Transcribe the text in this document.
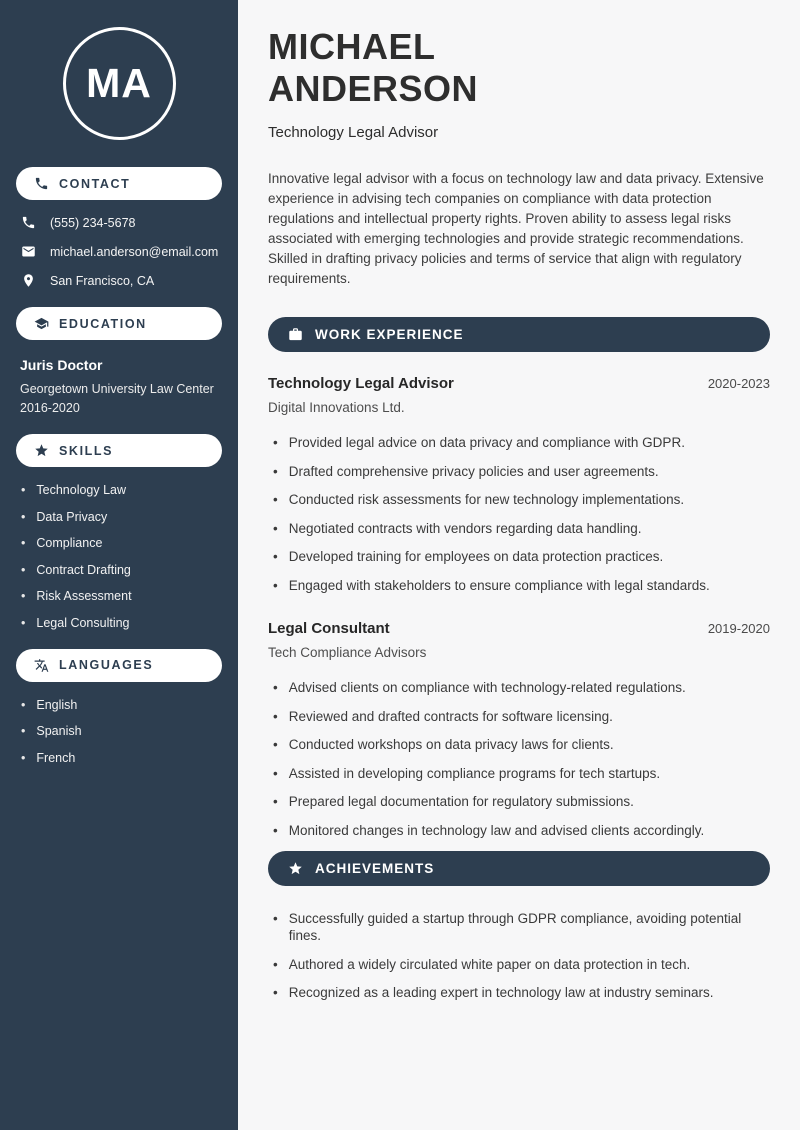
MA
CONTACT
(555) 234-5678
michael.anderson@email.com
San Francisco, CA
EDUCATION
Juris Doctor
Georgetown University Law Center
2016-2020
SKILLS
• Technology Law
• Data Privacy
• Compliance
• Contract Drafting
• Risk Assessment
• Legal Consulting
LANGUAGES
• English
• Spanish
• French
MICHAEL
ANDERSON
Technology Legal Advisor

Innovative legal advisor with a focus on technology law and data privacy. Extensive experience in advising tech companies on compliance with data protection regulations and intellectual property rights. Proven ability to assess legal risks associated with emerging technologies and provide strategic recommendations. Skilled in drafting privacy policies and terms of service that align with regulatory requirements.

WORK EXPERIENCE
Technology Legal Advisor	2020-2023
Digital Innovations Ltd.
• Provided legal advice on data privacy and compliance with GDPR.
• Drafted comprehensive privacy policies and user agreements.
• Conducted risk assessments for new technology implementations.
• Negotiated contracts with vendors regarding data handling.
• Developed training for employees on data protection practices.
• Engaged with stakeholders to ensure compliance with legal standards.
Legal Consultant	2019-2020
Tech Compliance Advisors
• Advised clients on compliance with technology-related regulations.
• Reviewed and drafted contracts for software licensing.
• Conducted workshops on data privacy laws for clients.
• Assisted in developing compliance programs for tech startups.
• Prepared legal documentation for regulatory submissions.
• Monitored changes in technology law and advised clients accordingly.
ACHIEVEMENTS
• Successfully guided a startup through GDPR compliance, avoiding potential fines.
• Authored a widely circulated white paper on data protection in tech.
• Recognized as a leading expert in technology law at industry seminars.
